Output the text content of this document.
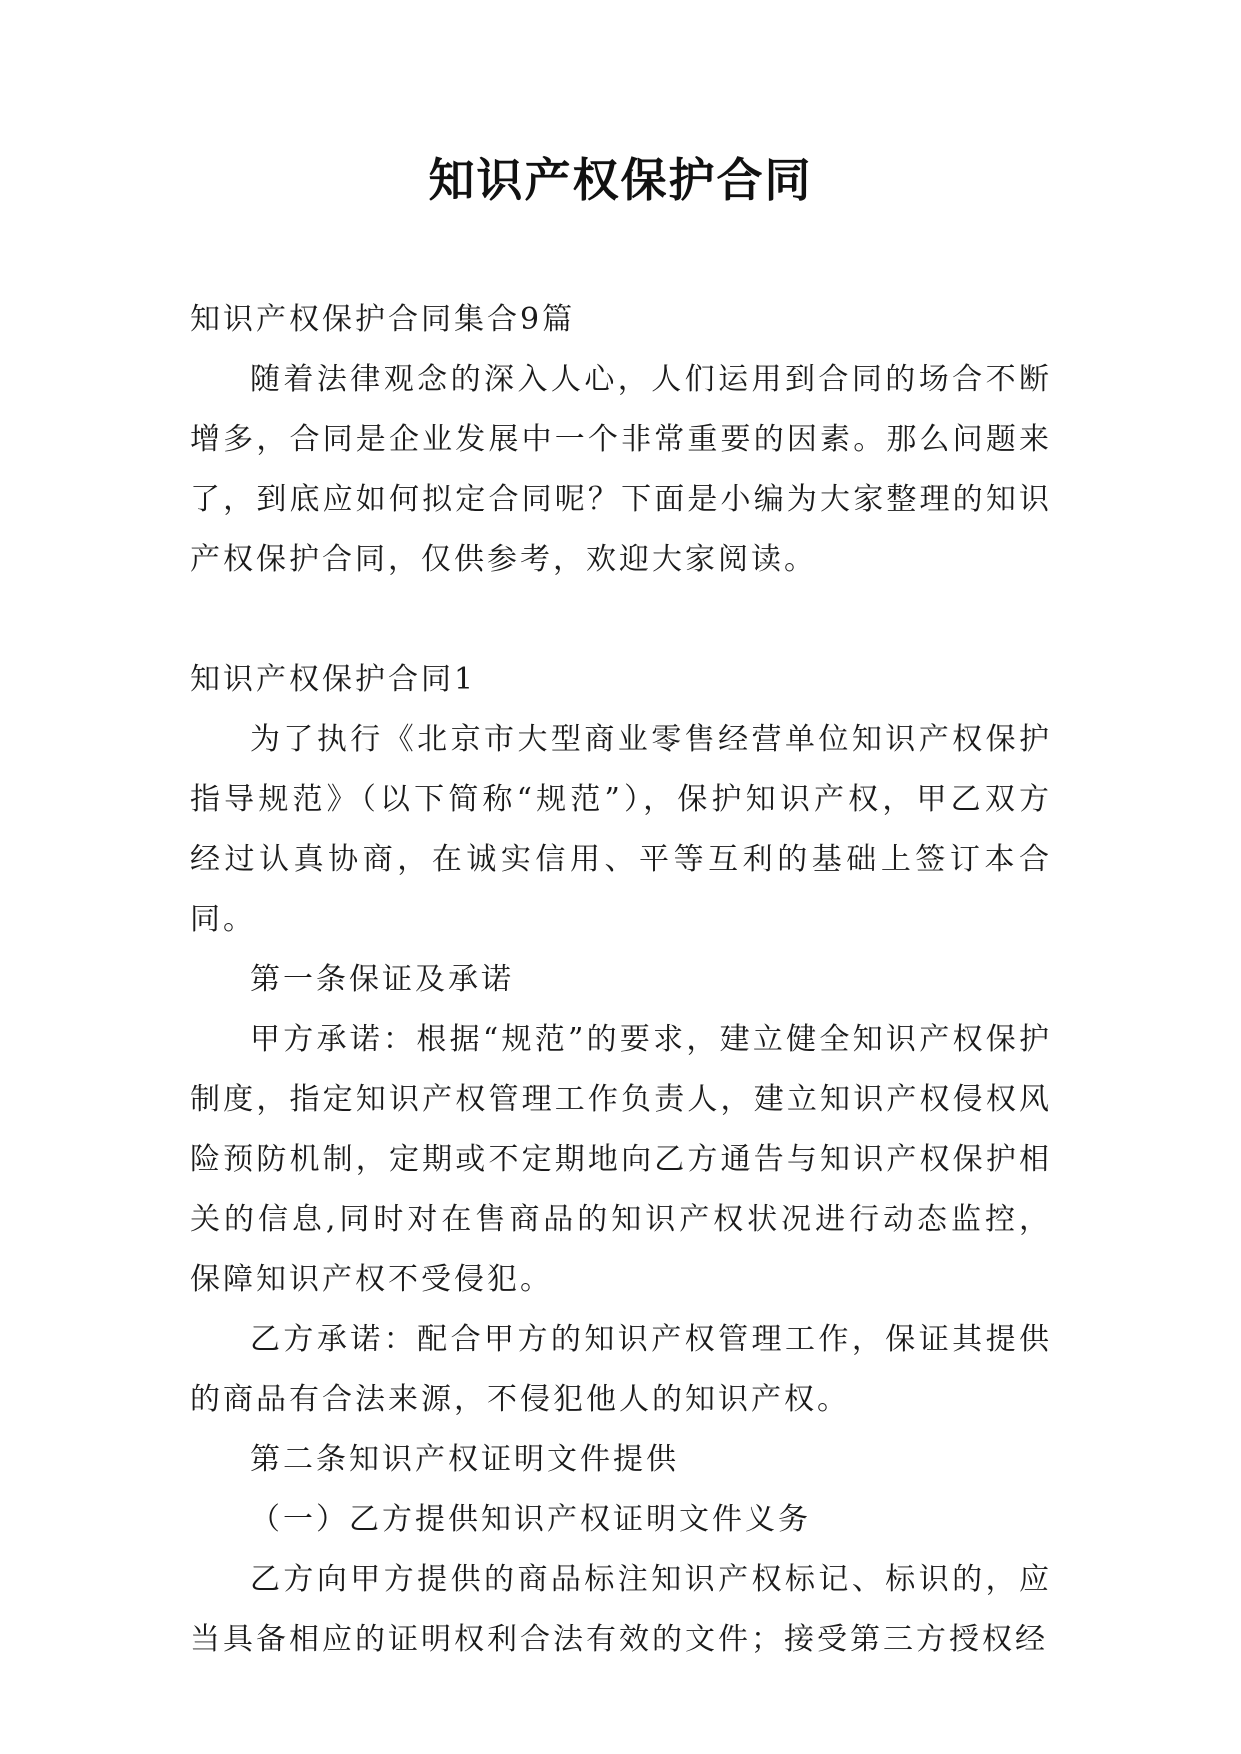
知识产权保护合同

知识产权保护合同集合9篇

随着法律观念的深入人心，人们运用到合同的场合不断增多，合同是企业发展中一个非常重要的因素。那么问题来了，到底应如何拟定合同呢？下面是小编为大家整理的知识产权保护合同，仅供参考，欢迎大家阅读。

知识产权保护合同1

为了执行《北京市大型商业零售经营单位知识产权保护指导规范》（以下简称“规范”），保护知识产权，甲乙双方经过认真协商，在诚实信用、平等互利的基础上签订本合同。

第一条保证及承诺

甲方承诺：根据“规范”的要求，建立健全知识产权保护制度，指定知识产权管理工作负责人，建立知识产权侵权风险预防机制，定期或不定期地向乙方通告与知识产权保护相关的信息,同时对在售商品的知识产权状况进行动态监控，保障知识产权不受侵犯。

乙方承诺：配合甲方的知识产权管理工作，保证其提供的商品有合法来源，不侵犯他人的知识产权。

第二条知识产权证明文件提供

（一）乙方提供知识产权证明文件义务

乙方向甲方提供的商品标注知识产权标记、标识的，应当具备相应的证明权利合法有效的文件；接受第三方授权经
